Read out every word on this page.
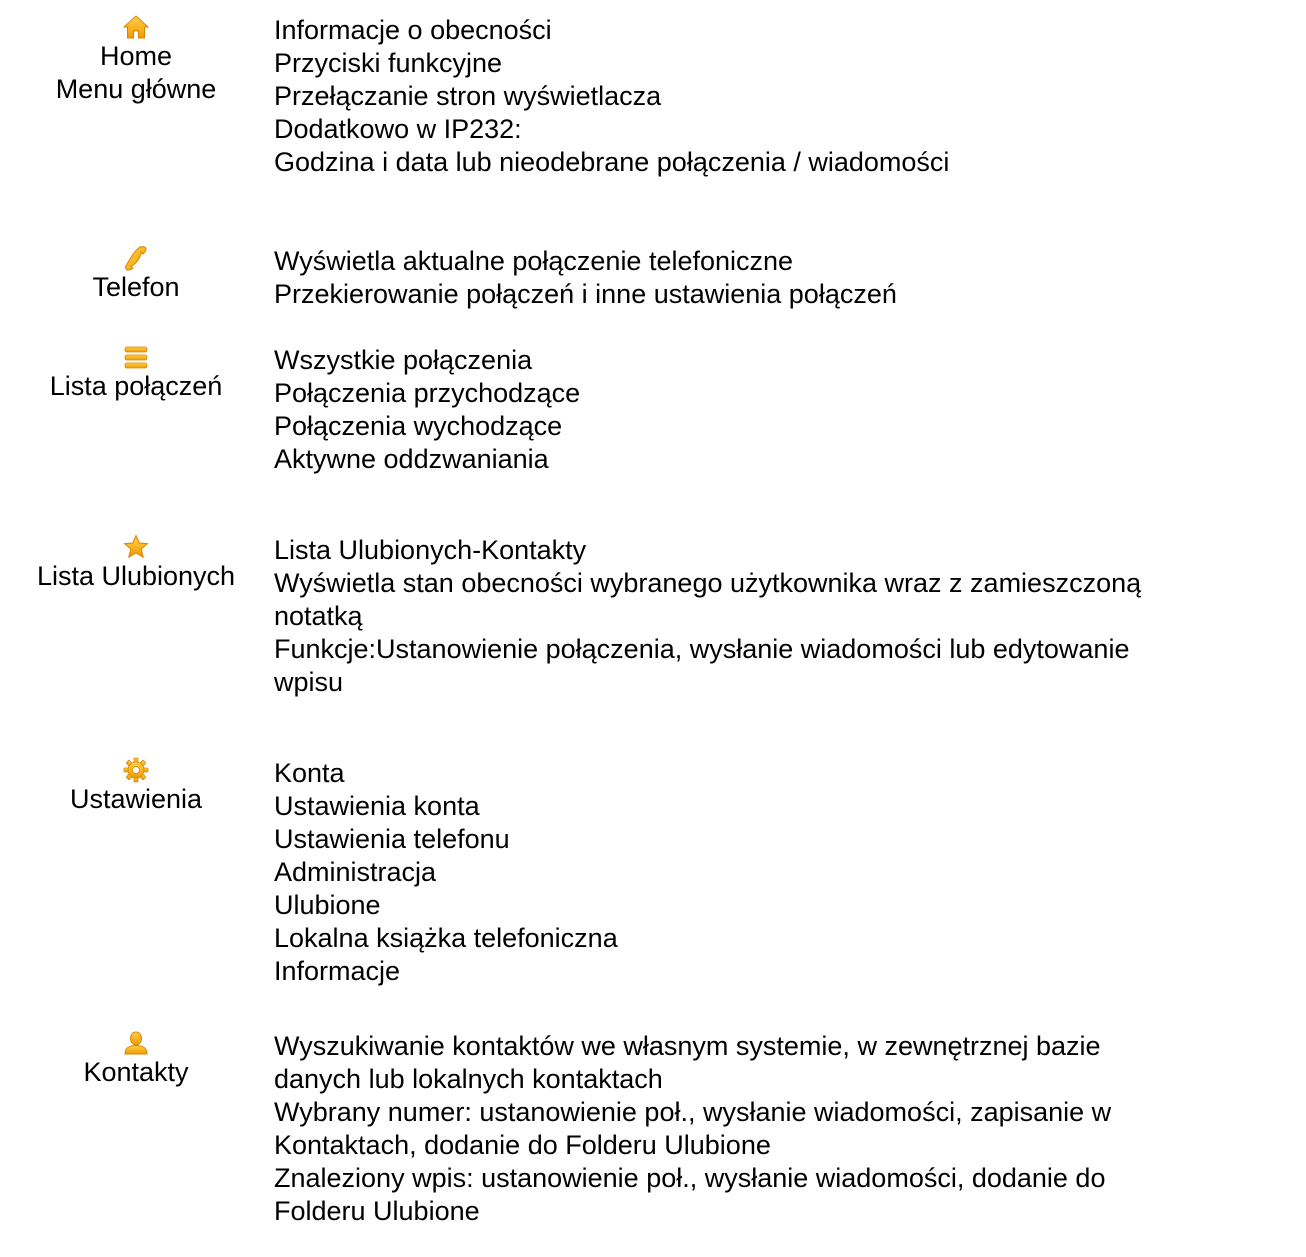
Home
Menu główne
Informacje o obecności
Przyciski funkcyjne
Przełączanie stron wyświetlacza
Dodatkowo w IP232:
Godzina i data lub nieodebrane połączenia / wiadomości
Telefon
Wyświetla aktualne połączenie telefoniczne
Przekierowanie połączeń i inne ustawienia połączeń
Lista połączeń
Wszystkie połączenia
Połączenia przychodzące
Połączenia wychodzące
Aktywne oddzwaniania
Lista Ulubionych
Lista Ulubionych-Kontakty
Wyświetla stan obecności wybranego użytkownika wraz z zamieszczoną
notatką
Funkcje:Ustanowienie połączenia, wysłanie wiadomości lub edytowanie
wpisu
Ustawienia
Konta
Ustawienia konta
Ustawienia telefonu
Administracja
Ulubione
Lokalna książka telefoniczna
Informacje
Kontakty
Wyszukiwanie kontaktów we własnym systemie, w zewnętrznej bazie
danych lub lokalnych kontaktach
Wybrany numer: ustanowienie poł., wysłanie wiadomości, zapisanie w
Kontaktach, dodanie do Folderu Ulubione
Znaleziony wpis: ustanowienie poł., wysłanie wiadomości, dodanie do
Folderu Ulubione
